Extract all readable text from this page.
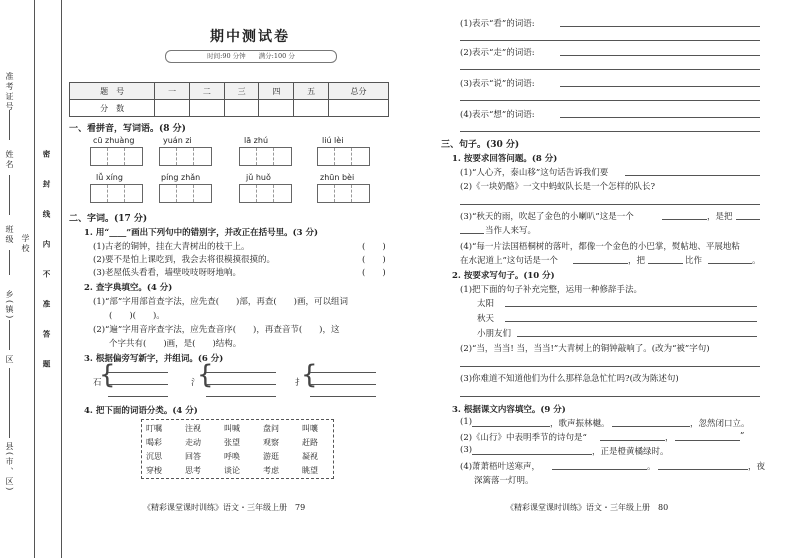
准考证号
姓名
班级
乡(镇)
区
县(市、区)
学校
密
封
线
内
不
准
答
题
期中测试卷
时间:90 分钟　　满分:100 分
题　号	一	二	三	四	五	总分
分　数						
一、看拼音，写词语。(8 分)
cū zhuàng	yuán zi	lā zhú	liú lèi
lǚ xíng	píng zhǎn	jǔ huǒ	zhūn bèi
二、字词。(17 分)
1. 用“____”画出下列句中的错别字，并改正在括号里。(3 分)
(1)古老的铜钟，挂在大青树出的枝干上。	(　　)
(2)要不是怕上课吃到，我会去将很模摸很摸的。	(　　)
(3)老屋低头看看，墙壁吱吱呀呀地响。	(　　)
2. 查字典填空。(4 分)
(1)“部”字用部首查字法，应先查(　　)部，再查(　　)画，可以组词
(　　)(　　)。
(2)“遍”字用音序查字法，应先查音序(　　)，再查音节(　　)，这
个字共有(　　)画，是(　　)结构。
3. 根据偏旁写新字，并组词。(6 分)
石
{	氵
{	扌
{
4. 把下面的词语分类。(4 分)
叮嘱	注视	叫喊	盘问	叫嚷
喝彩	走动	张望	观察	赶路
沉思	回答	呼唤	游逛	凝视
穿梭	思考	谈论	考虑	眺望
《精彩课堂课时训练》语文・三年级上册　79
(1)表示“看”的词语:
(2)表示“走”的词语:
(3)表示“说”的词语:
(4)表示“想”的词语:
三、句子。(30 分)
1. 按要求回答问题。(8 分)
(1)“人心齐，泰山移”这句话告诉我们要
(2)《一块奶酪》一文中蚂蚁队长是一个怎样的队长?
(3)“秋天的雨，吹起了金色的小喇叭”这是一个	，是把
当作人来写。
(4)“每一片法国梧桐树的落叶，都像一个金色的小巴掌，熨帖地、平展地粘
在水泥道上”这句话是一个	，把	比作	。
2. 按要求写句子。(10 分)
(1)把下面的句子补充完整，运用一种修辞手法。
太阳
秋天
小朋友们
(2)“当，当当! 当，当当!”大青树上的铜钟敲响了。(改为“被”字句)
(3)你难道不知道他们为什么那样急急忙忙吗?(改为陈述句)
3. 根据课文内容填空。(9 分)
(1)	，歌声振林樾。	，忽然闭口立。
(2)《山行》中表明季节的诗句是“	，	”
(3)	，正是橙黄橘绿时。
(4)萧萧梧叶送寒声，	。	，夜
深篱落一灯明。
《精彩课堂课时训练》语文・三年级上册　80
